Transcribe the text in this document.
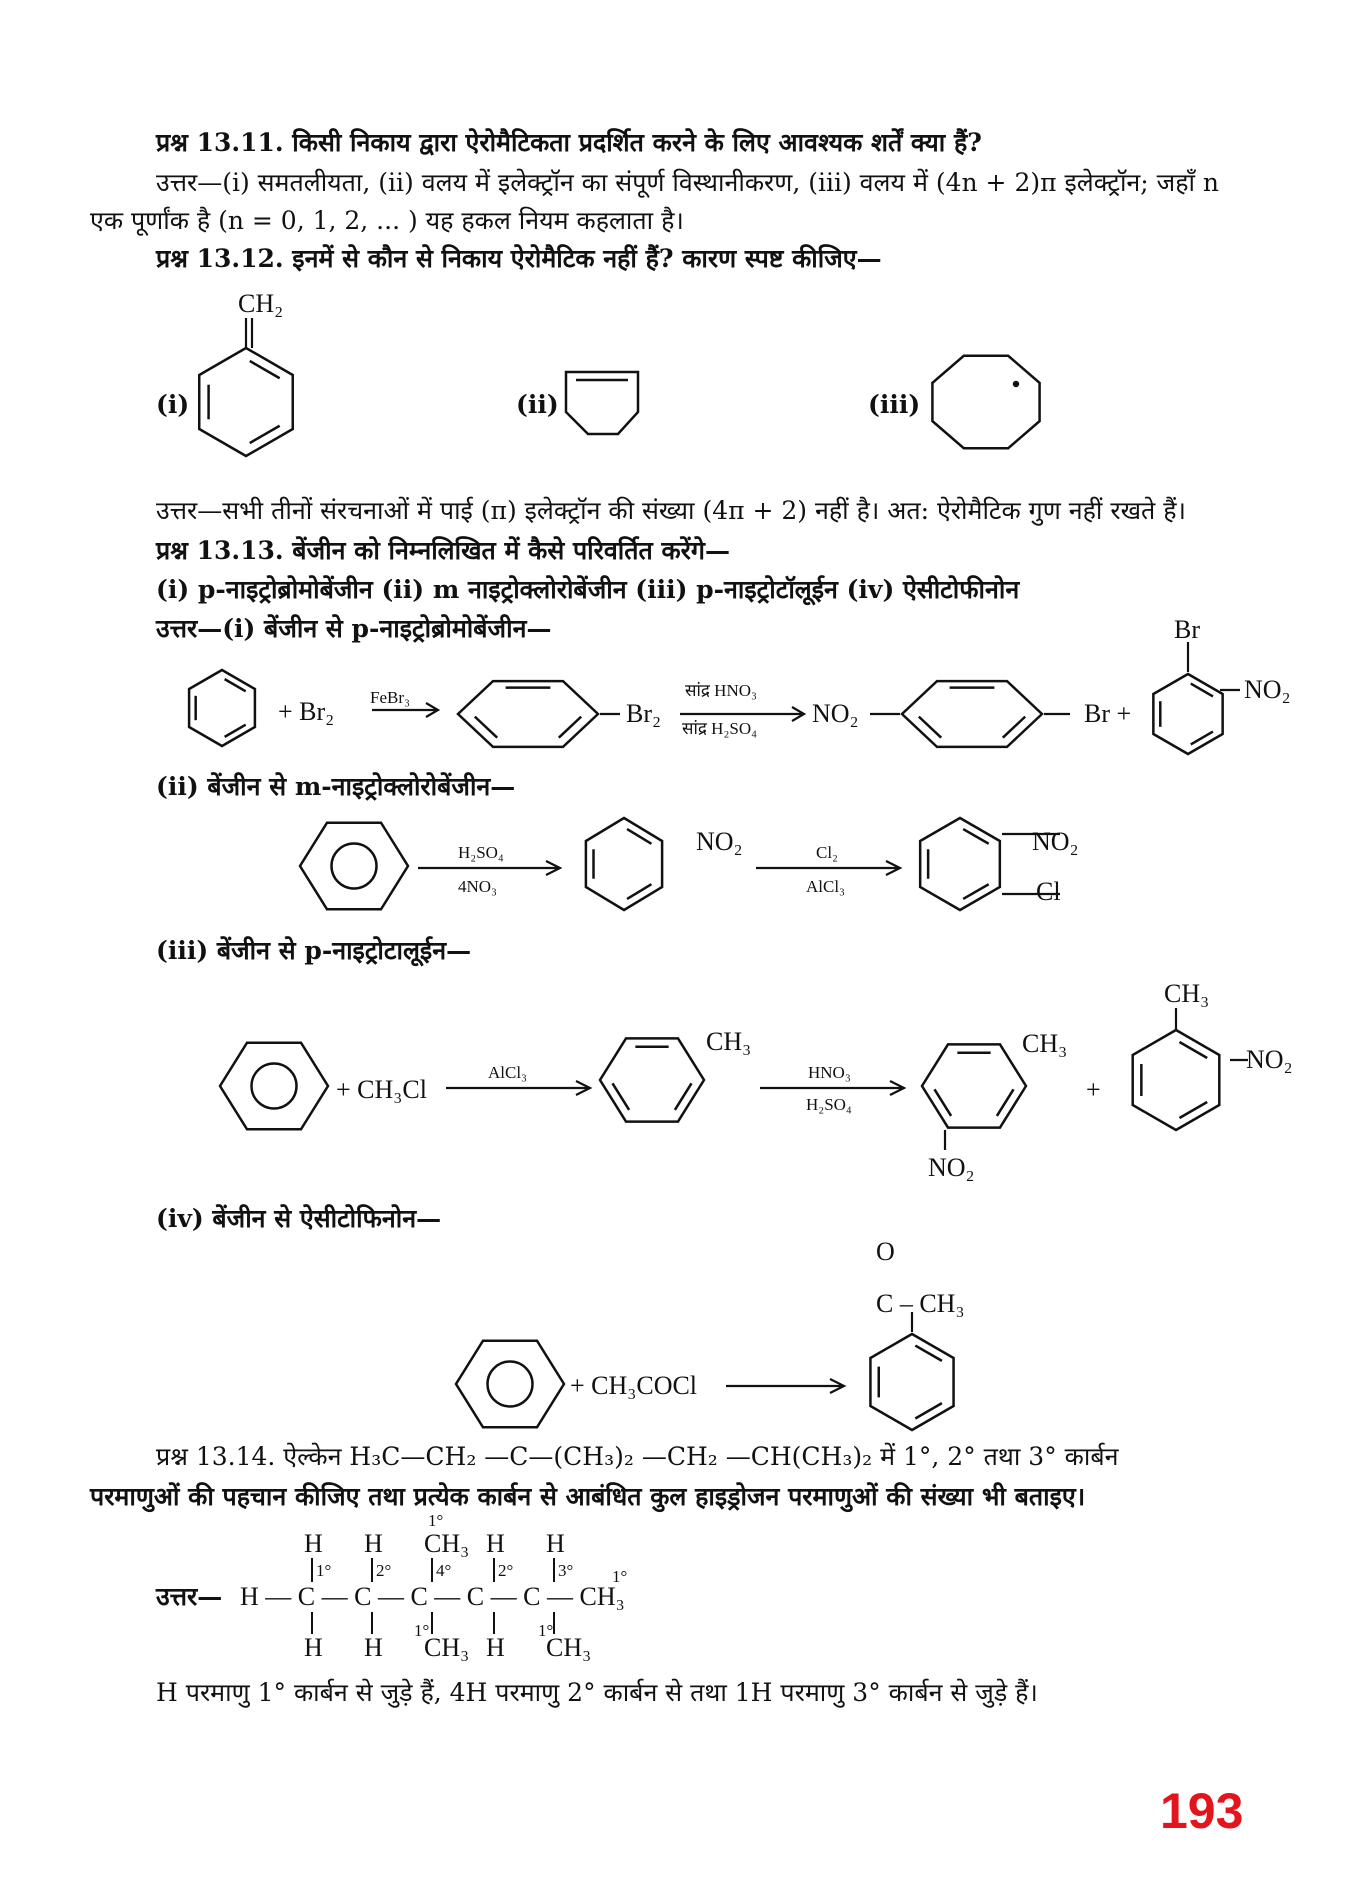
प्रश्न 13.11. किसी निकाय द्वारा ऐरोमैटिकता प्रदर्शित करने के लिए आवश्यक शर्तें क्या हैं?
उत्तर—(i) समतलीयता, (ii) वलय में इलेक्ट्रॉन का संपूर्ण विस्थानीकरण, (iii) वलय में (4n + 2)π इलेक्ट्रॉन; जहाँ n
एक पूर्णांक है (n = 0, 1, 2, ... ) यह हकल नियम कहलाता है।
प्रश्न 13.12. इनमें से कौन से निकाय ऐरोमैटिक नहीं हैं? कारण स्पष्ट कीजिए—
(i)	(ii)	(iii)
उत्तर—सभी तीनों संरचनाओं में पाई (π) इलेक्ट्रॉन की संख्या (4π + 2) नहीं है। अत: ऐरोमैटिक गुण नहीं रखते हैं।
प्रश्न 13.13. बेंजीन को निम्नलिखित में कैसे परिवर्तित करेंगे—
(i) p-नाइट्रोब्रोमोबेंजीन (ii) m नाइट्रोक्लोरोबेंजीन (iii) p-नाइट्रोटॉलूईन (iv) ऐसीटोफीनोन
उत्तर—(i) बेंजीन से p-नाइट्रोब्रोमोबेंजीन—
(ii) बेंजीन से m-नाइट्रोक्लोरोबेंजीन—
(iii) बेंजीन से p-नाइट्रोटालूईन—
(iv) बेंजीन से ऐसीटोफिनोन—
प्रश्न 13.14. ऐल्केन H₃C—CH₂ —C—(CH₃)₂ —CH₂ —CH(CH₃)₂ में 1°, 2° तथा 3° कार्बन
परमाणुओं की पहचान कीजिए तथा प्रत्येक कार्बन से आबंधित कुल हाइड्रोजन परमाणुओं की संख्या भी बताइए।
उत्तर—
H परमाणु 1° कार्बन से जुड़े हैं, 4H परमाणु 2° कार्बन से तथा 1H परमाणु 3° कार्बन से जुड़े हैं।
193
CH₂
+ Br₂ FeBr₃
Br₂
सांद्र HNO₃
सांद्र H₂SO₄
NO₂	Br +
Br
NO₂
H₂SO₄
4NO₃
NO₂	Cl₂
AlCl₃
NO₂
Cl
+ CH₃Cl
AlCl₃
CH₃
HNO₃
H₂SO₄
CH₃
NO₂
+
CH₃
NO₂
+ CH₃COCl
O
C – CH₃
H — C — C — C — C — C — CH₃
H
H
1°
H
H
2°
CH₃
CH₃
4°
H
H
2°
H
CH₃
3° 1°
1°
1°	1°
